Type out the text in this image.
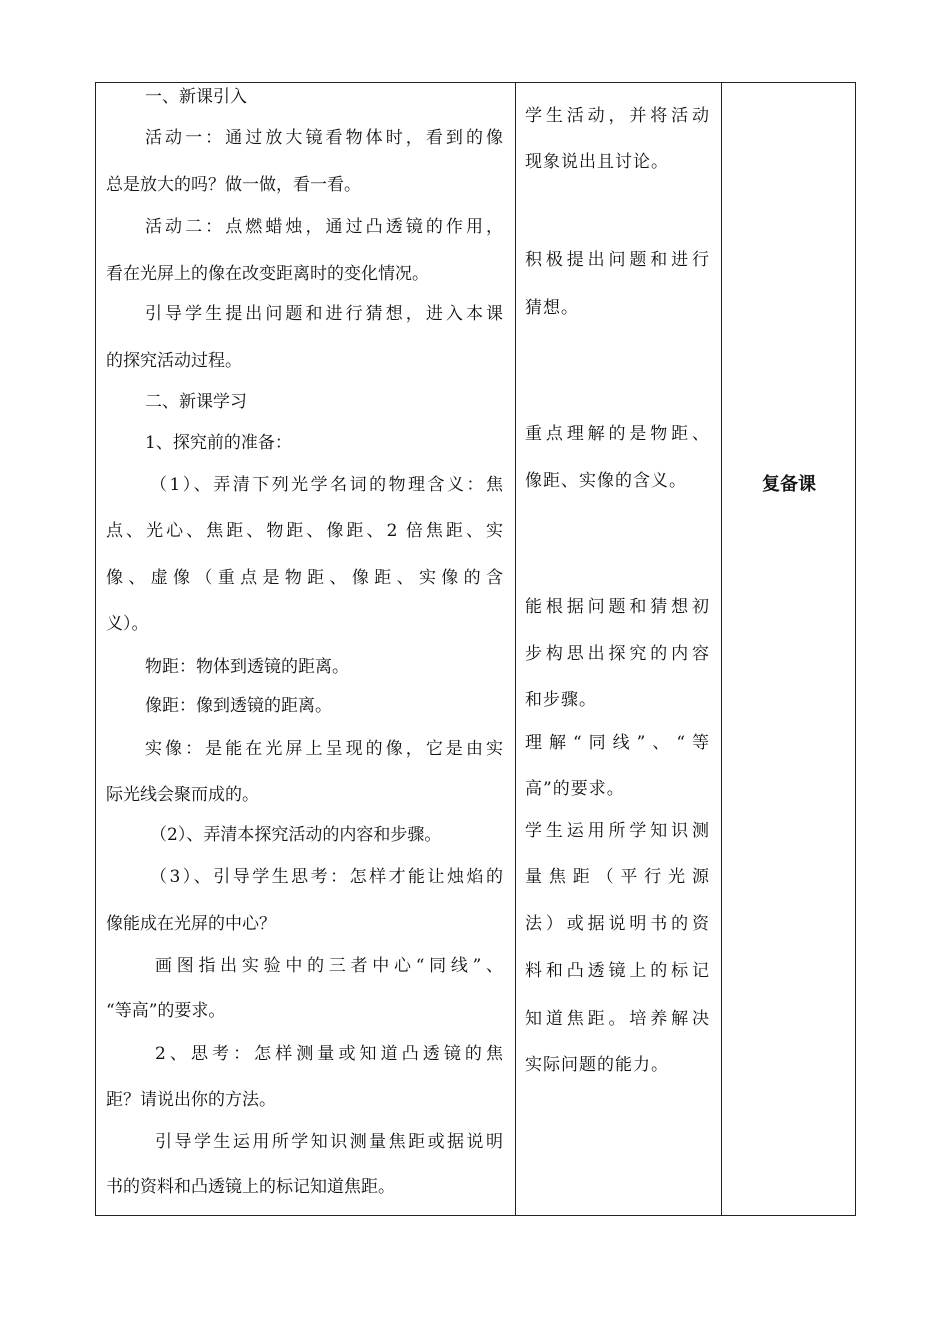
一、新课引入
活动一：通过放大镜看物体时，看到的像
总是放大的吗？做一做，看一看。
活动二：点燃蜡烛，通过凸透镜的作用，
看在光屏上的像在改变距离时的变化情况。
引导学生提出问题和进行猜想，进入本课
的探究活动过程。
二、新课学习
1、探究前的准备：
（1）、弄清下列光学名词的物理含义：焦
点、光心、焦距、物距、像距、2 倍焦距、实
像、虚像（重点是物距、像距、实像的含
义）。
物距：物体到透镜的距离。
像距：像到透镜的距离。
实像：是能在光屏上呈现的像，它是由实
际光线会聚而成的。
（2）、弄清本探究活动的内容和步骤。
（3）、引导学生思考：怎样才能让烛焰的
像能成在光屏的中心？
画图指出实验中的三者中心“同线”、
“等高”的要求。
2、思考：怎样测量或知道凸透镜的焦
距？请说出你的方法。
引导学生运用所学知识测量焦距或据说明
书的资料和凸透镜上的标记知道焦距。
学生活动，并将活动
现象说出且讨论。
积极提出问题和进行
猜想。
重点理解的是物距、
像距、实像的含义。
能根据问题和猜想初
步构思出探究的内容
和步骤。
理解“同线”、“等
高”的要求。
学生运用所学知识测
量焦距（平行光源
法）或据说明书的资
料和凸透镜上的标记
知道焦距。培养解决
实际问题的能力。
复备课
